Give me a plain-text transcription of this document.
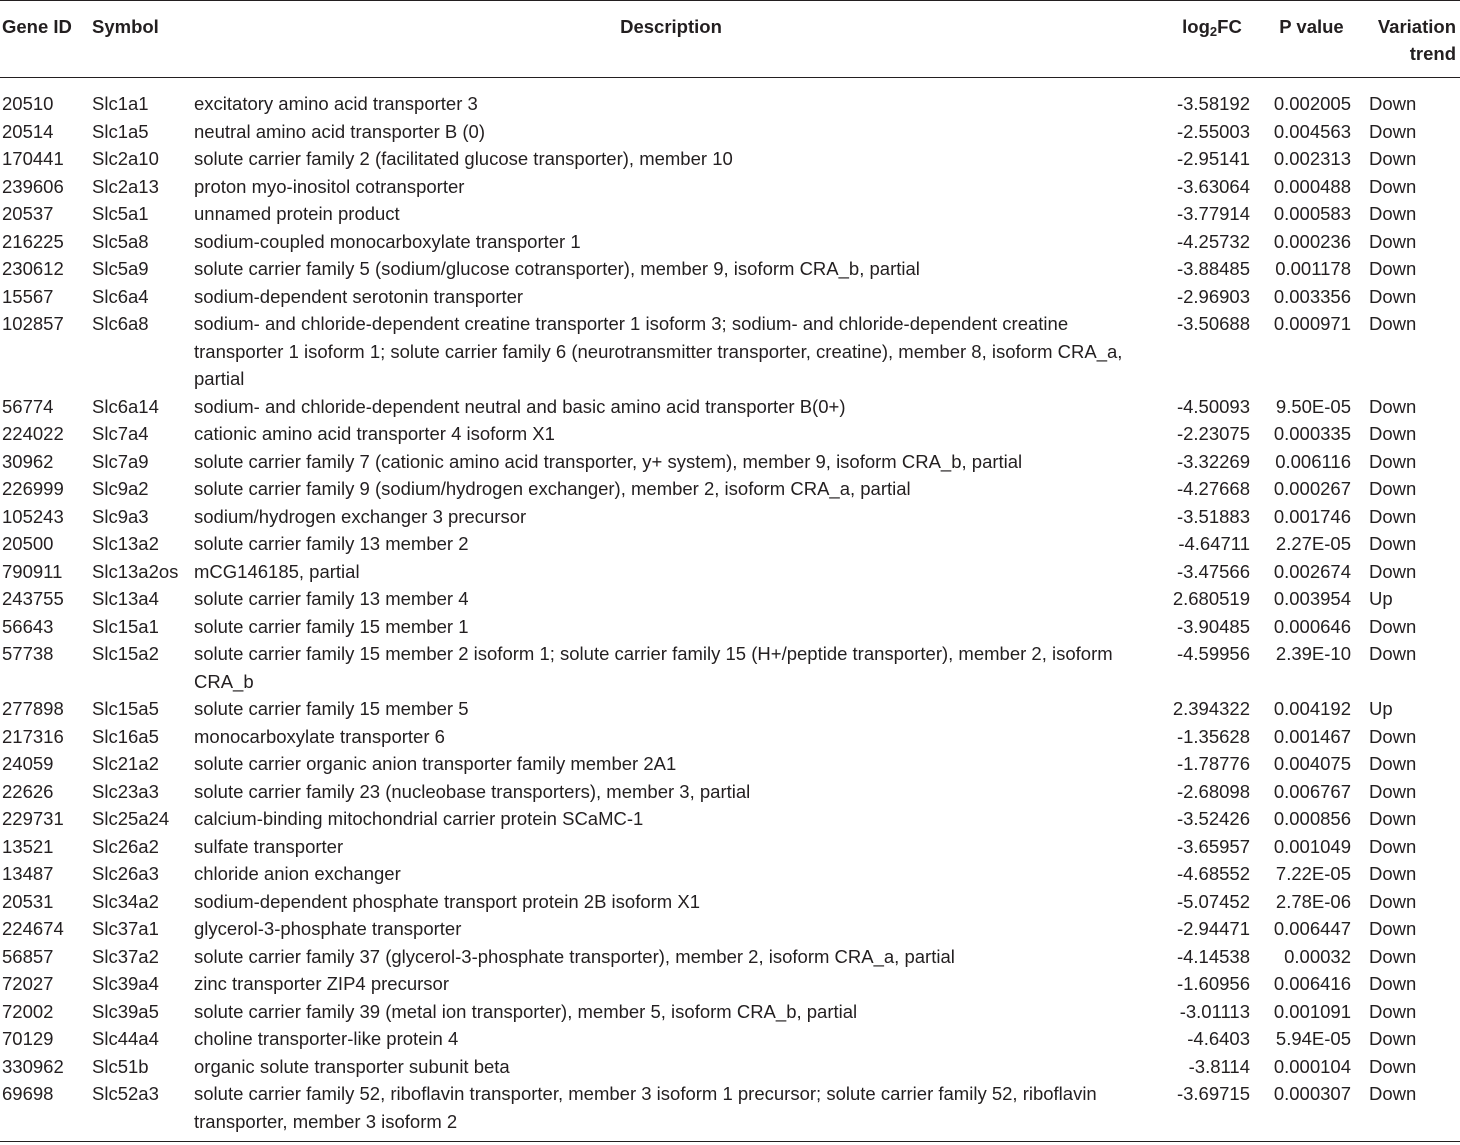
Gene ID	Symbol	Description	$\log_2FC$	P value	Variation trend
20510	Slc1a1	excitatory amino acid transporter 3	-3.58192	0.002005	Down
20514	Slc1a5	neutral amino acid transporter B (0)	-2.55003	0.004563	Down
170441	Slc2a10	solute carrier family 2 (facilitated glucose transporter), member 10	-2.95141	0.002313	Down
239606	Slc2a13	proton myo-inositol cotransporter	-3.63064	0.000488	Down
20537	Slc5a1	unnamed protein product	-3.77914	0.000583	Down
216225	Slc5a8	sodium-coupled monocarboxylate transporter 1	-4.25732	0.000236	Down
230612	Slc5a9	solute carrier family 5 (sodium/glucose cotransporter), member 9, isoform CRA_b, partial	-3.88485	0.001178	Down
15567	Slc6a4	sodium-dependent serotonin transporter	-2.96903	0.003356	Down
102857	Slc6a8	sodium- and chloride-dependent creatine transporter 1 isoform 3; sodium- and chloride-dependent creatine transporter 1 isoform 1; solute carrier family 6 (neurotransmitter transporter, creatine), member 8, isoform CRA_a, partial	-3.50688	0.000971	Down
56774	Slc6a14	sodium- and chloride-dependent neutral and basic amino acid transporter B(0+)	-4.50093	9.50E-05	Down
224022	Slc7a4	cationic amino acid transporter 4 isoform X1	-2.23075	0.000335	Down
30962	Slc7a9	solute carrier family 7 (cationic amino acid transporter, y+ system), member 9, isoform CRA_b, partial	-3.32269	0.006116	Down
226999	Slc9a2	solute carrier family 9 (sodium/hydrogen exchanger), member 2, isoform CRA_a, partial	-4.27668	0.000267	Down
105243	Slc9a3	sodium/hydrogen exchanger 3 precursor	-3.51883	0.001746	Down
20500	Slc13a2	solute carrier family 13 member 2	-4.64711	2.27E-05	Down
790911	Slc13a2os	mCG146185, partial	-3.47566	0.002674	Down
243755	Slc13a4	solute carrier family 13 member 4	2.680519	0.003954	Up
56643	Slc15a1	solute carrier family 15 member 1	-3.90485	0.000646	Down
57738	Slc15a2	solute carrier family 15 member 2 isoform 1; solute carrier family 15 (H+/peptide transporter), member 2, isoform CRA_b	-4.59956	2.39E-10	Down
277898	Slc15a5	solute carrier family 15 member 5	2.394322	0.004192	Up
217316	Slc16a5	monocarboxylate transporter 6	-1.35628	0.001467	Down
24059	Slc21a2	solute carrier organic anion transporter family member 2A1	-1.78776	0.004075	Down
22626	Slc23a3	solute carrier family 23 (nucleobase transporters), member 3, partial	-2.68098	0.006767	Down
229731	Slc25a24	calcium-binding mitochondrial carrier protein SCaMC-1	-3.52426	0.000856	Down
13521	Slc26a2	sulfate transporter	-3.65957	0.001049	Down
13487	Slc26a3	chloride anion exchanger	-4.68552	7.22E-05	Down
20531	Slc34a2	sodium-dependent phosphate transport protein 2B isoform X1	-5.07452	2.78E-06	Down
224674	Slc37a1	glycerol-3-phosphate transporter	-2.94471	0.006447	Down
56857	Slc37a2	solute carrier family 37 (glycerol-3-phosphate transporter), member 2, isoform CRA_a, partial	-4.14538	0.00032	Down
72027	Slc39a4	zinc transporter ZIP4 precursor	-1.60956	0.006416	Down
72002	Slc39a5	solute carrier family 39 (metal ion transporter), member 5, isoform CRA_b, partial	-3.01113	0.001091	Down
70129	Slc44a4	choline transporter-like protein 4	-4.6403	5.94E-05	Down
330962	Slc51b	organic solute transporter subunit beta	-3.8114	0.000104	Down
69698	Slc52a3	solute carrier family 52, riboflavin transporter, member 3 isoform 1 precursor; solute carrier family 52, riboflavin transporter, member 3 isoform 2	-3.69715	0.000307	Down
